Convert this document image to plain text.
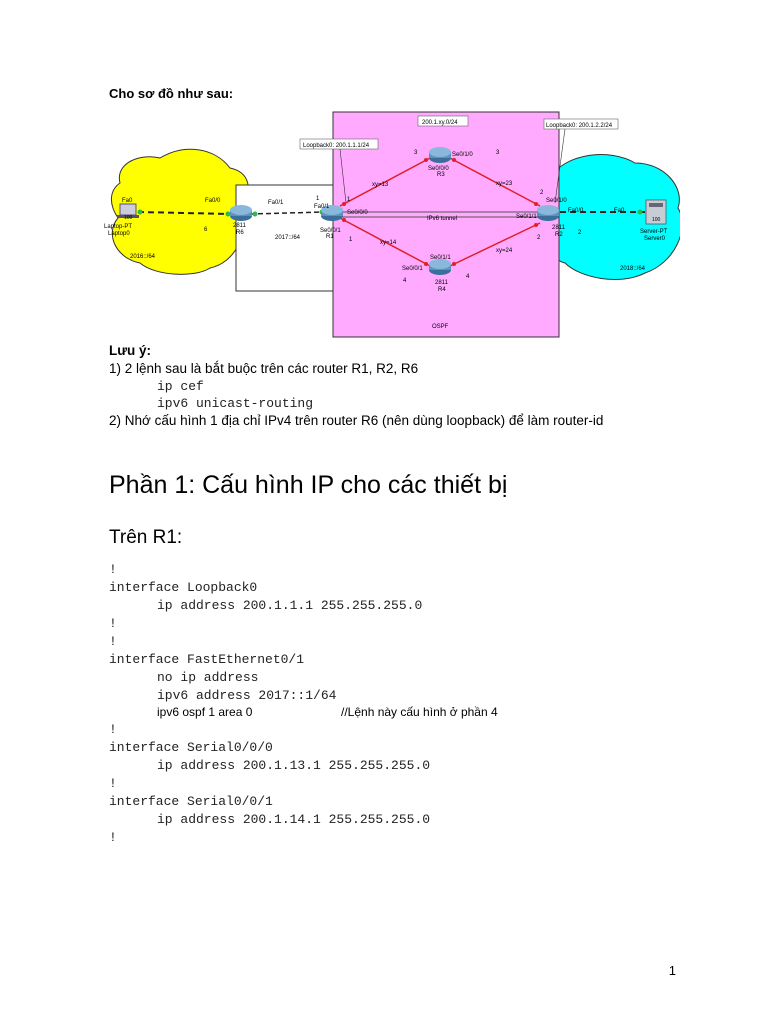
Cho sơ đồ như sau:
200.1.xy.0/24
Loopback0: 200.1.1.1/24
Loopback0: 200.1.2.2/24
Fa0
100
Laptop-PT
Laptop0
2016::/64
Fa0/0
6
Fa0/1
2811
R6
2017::/64
1
Fa0/1
Se0/0/0
Se0/0/1
R1
1
1
xy=13
3
Se0/0/0
Se0/1/0
R3
3
xy=23
IPv6 tunnel
xy=14
Se0/1/1
Se0/0/1
2811
R4
4
4
xy=24
2
Se0/1/0
Se0/1/1
Fa0/0
2
2
2811
R2
Fa0
100
Server-PT
Server0
2018::/64
OSPF
Lưu ý:
1) 2 lệnh sau là bắt buộc trên các router R1, R2, R6
ip cef
ipv6 unicast-routing
2) Nhớ cấu hình 1 địa chỉ IPv4 trên router R6 (nên dùng loopback) để làm router-id
Phần 1: Cấu hình IP cho các thiết bị
Trên R1:
!
interface Loopback0
ip address 200.1.1.1 255.255.255.0
!
!
interface FastEthernet0/1
no ip address
ipv6 address 2017::1/64
ipv6 ospf 1 area 0	//Lệnh này cấu hình ở phần 4
!
interface Serial0/0/0
ip address 200.1.13.1 255.255.255.0
!
interface Serial0/0/1
ip address 200.1.14.1 255.255.255.0
!
1
